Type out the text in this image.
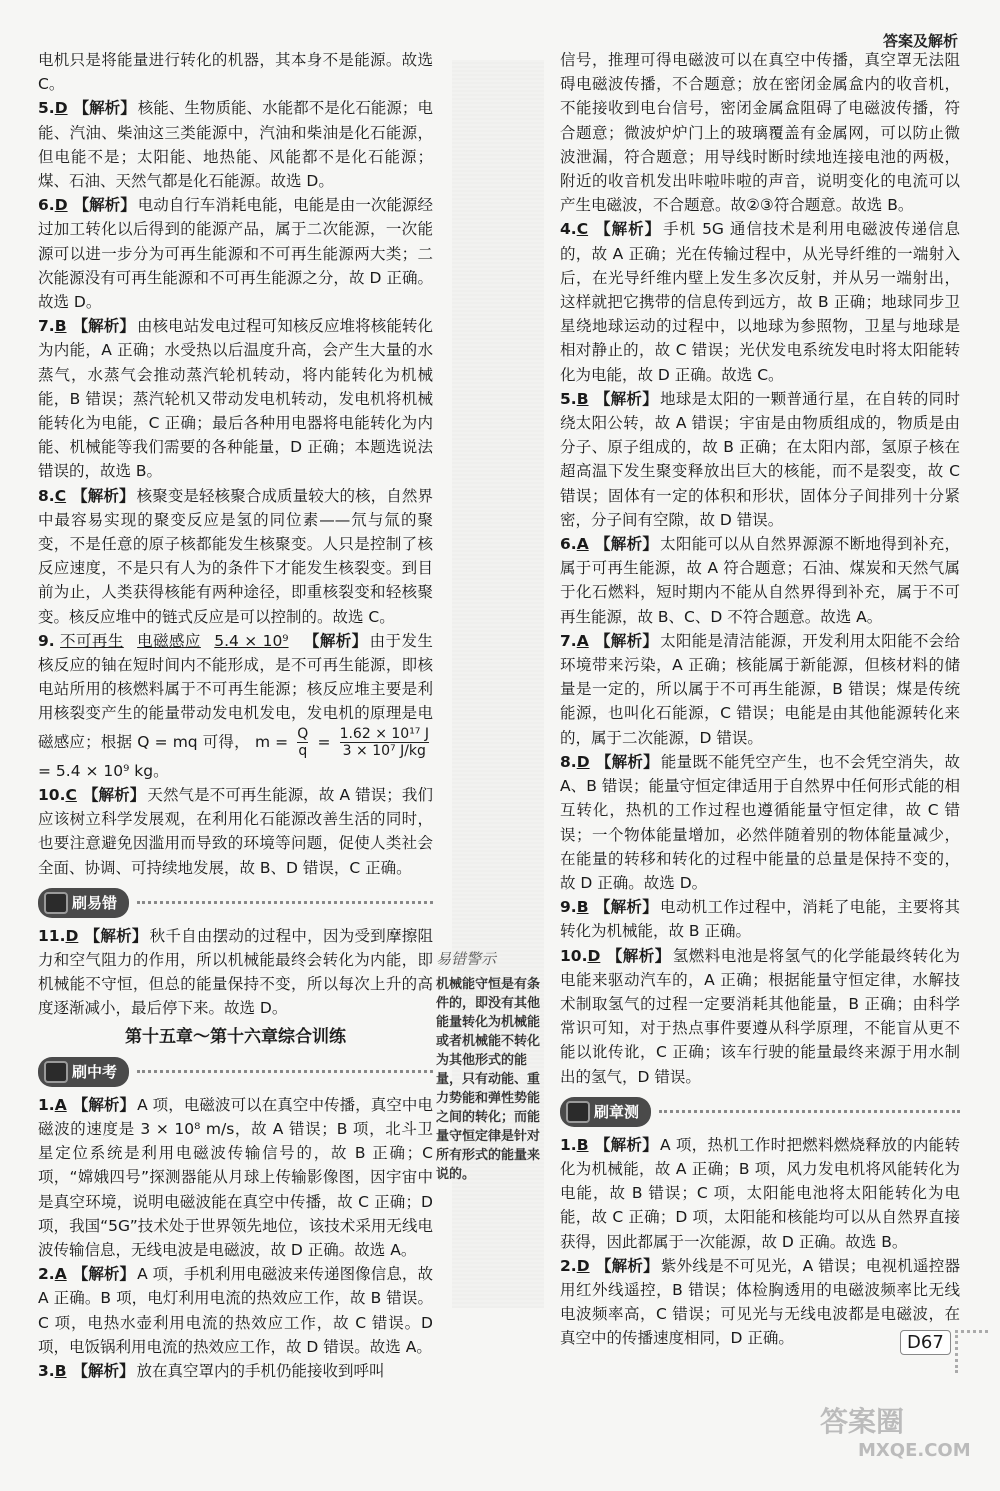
答案及解析
电机只是将能量进行转化的机器，其本身不是能源。故选 C。
5.D 【解析】 核能、生物质能、水能都不是化石能源；电能、汽油、柴油这三类能源中，汽油和柴油是化石能源，但电能不是；太阳能、地热能、风能都不是化石能源；煤、石油、天然气都是化石能源。故选 D。
6.D 【解析】 电动自行车消耗电能，电能是由一次能源经过加工转化以后得到的能源产品，属于二次能源，一次能源可以进一步分为可再生能源和不可再生能源两大类；二次能源没有可再生能源和不可再生能源之分，故 D 正确。故选 D。
7.B 【解析】 由核电站发电过程可知核反应堆将核能转化为内能，A 正确；水受热以后温度升高，会产生大量的水蒸气，水蒸气会推动蒸汽轮机转动，将内能转化为机械能，B 错误；蒸汽轮机又带动发电机转动，发电机将机械能转化为电能，C 正确；最后各种用电器将电能转化为内能、机械能等我们需要的各种能量，D 正确；本题选说法错误的，故选 B。
8.C 【解析】 核聚变是轻核聚合成质量较大的核，自然界中最容易实现的聚变反应是氢的同位素——氘与氚的聚变，不是任意的原子核都能发生核聚变。人只是控制了核反应速度，不是只有人为的条件下才能发生核裂变。到目前为止，人类获得核能有两种途径，即重核裂变和轻核聚变。核反应堆中的链式反应是可以控制的。故选 C。
9. 不可再生 电磁感应 5.4 × 10⁹ 【解析】 由于发生核反应的铀在短时间内不能形成，是不可再生能源，即核电站所用的核燃料属于不可再生能源；核反应堆主要是利用核裂变产生的能量带动发电机发电，发电机的原理是电磁感应；根据 Q = mq 可得， $m = \frac{Q}{q} = \frac{\text{1.62 × 10¹⁷ J}}{\text{3 × 10⁷ J/kg}}$
= 5.4 × 10⁹ kg。
10.C 【解析】 天然气是不可再生能源，故 A 错误；我们应该树立科学发展观，在利用化石能源改善生活的同时，也要注意避免因滥用而导致的环境等问题，促使人类社会全面、协调、可持续地发展，故 B、D 错误，C 正确。
刷易错
11.D 【解析】 秋千自由摆动的过程中，因为受到摩擦阻力和空气阻力的作用，所以机械能最终会转化为内能，即机械能不守恒，但总的能量保持不变，所以每次上升的高度逐渐减小，最后停下来。故选 D。
第十五章～第十六章综合训练
刷中考
1.A 【解析】 A 项，电磁波可以在真空中传播，真空中电磁波的速度是 3 × 10⁸ m/s，故 A 错误；B 项，北斗卫星定位系统是利用电磁波传输信号的，故 B 正确；C 项，“嫦娥四号”探测器能从月球上传输影像图，因宇宙中是真空环境，说明电磁波能在真空中传播，故 C 正确；D 项，我国“5G”技术处于世界领先地位，该技术采用无线电波传输信息，无线电波是电磁波，故 D 正确。故选 A。
2.A 【解析】 A 项，手机利用电磁波来传递图像信息，故 A 正确。B 项，电灯利用电流的热效应工作，故 B 错误。C 项，电热水壶利用电流的热效应工作，故 C 错误。D 项，电饭锅利用电流的热效应工作，故 D 错误。故选 A。
3.B 【解析】 放在真空罩内的手机仍能接收到呼叫
易错警示
机械能守恒是有条件的，即没有其他能量转化为机械能或者机械能不转化为其他形式的能量，只有动能、重力势能和弹性势能之间的转化；而能量守恒定律是针对所有形式的能量来说的。
信号，推理可得电磁波可以在真空中传播，真空罩无法阻碍电磁波传播，不合题意；放在密闭金属盒内的收音机，不能接收到电台信号，密闭金属盒阻碍了电磁波传播，符合题意；微波炉炉门上的玻璃覆盖有金属网，可以防止微波泄漏，符合题意；用导线时断时续地连接电池的两极，附近的收音机发出咔啦咔啦的声音，说明变化的电流可以产生电磁波，不合题意。故②③符合题意。故选 B。
4.C 【解析】 手机 5G 通信技术是利用电磁波传递信息的，故 A 正确；光在传输过程中，从光导纤维的一端射入后，在光导纤维内壁上发生多次反射，并从另一端射出，这样就把它携带的信息传到远方，故 B 正确；地球同步卫星绕地球运动的过程中，以地球为参照物，卫星与地球是相对静止的，故 C 错误；光伏发电系统发电时将太阳能转化为电能，故 D 正确。故选 C。
5.B 【解析】 地球是太阳的一颗普通行星，在自转的同时绕太阳公转，故 A 错误；宇宙是由物质组成的，物质是由分子、原子组成的，故 B 正确；在太阳内部，氢原子核在超高温下发生聚变释放出巨大的核能，而不是裂变，故 C 错误；固体有一定的体积和形状，固体分子间排列十分紧密，分子间有空隙，故 D 错误。
6.A 【解析】 太阳能可以从自然界源源不断地得到补充，属于可再生能源，故 A 符合题意；石油、煤炭和天然气属于化石燃料，短时期内不能从自然界得到补充，属于不可再生能源，故 B、C、D 不符合题意。故选 A。
7.A 【解析】 太阳能是清洁能源，开发利用太阳能不会给环境带来污染，A 正确；核能属于新能源，但核材料的储量是一定的，所以属于不可再生能源，B 错误；煤是传统能源，也叫化石能源，C 错误；电能是由其他能源转化来的，属于二次能源，D 错误。
8.D 【解析】 能量既不能凭空产生，也不会凭空消失，故 A、B 错误；能量守恒定律适用于自然界中任何形式能的相互转化，热机的工作过程也遵循能量守恒定律，故 C 错误；一个物体能量增加，必然伴随着别的物体能量减少，在能量的转移和转化的过程中能量的总量是保持不变的，故 D 正确。故选 D。
9.B 【解析】 电动机工作过程中，消耗了电能，主要将其转化为机械能，故 B 正确。
10.D 【解析】 氢燃料电池是将氢气的化学能最终转化为电能来驱动汽车的，A 正确；根据能量守恒定律，水解技术制取氢气的过程一定要消耗其他能量，B 正确；由科学常识可知，对于热点事件要遵从科学原理，不能盲从更不能以讹传讹，C 正确；该车行驶的能量最终来源于用水制出的氢气，D 错误。
刷章测
1.B 【解析】 A 项，热机工作时把燃料燃烧释放的内能转化为机械能，故 A 正确；B 项，风力发电机将风能转化为电能，故 B 错误；C 项，太阳能电池将太阳能转化为电能，故 C 正确；D 项，太阳能和核能均可以从自然界直接获得，因此都属于一次能源，故 D 正确。故选 B。
2.D 【解析】 紫外线是不可见光，A 错误；电视机遥控器用红外线遥控，B 错误；体检胸透用的电磁波频率比无线电波频率高，C 错误；可见光与无线电波都是电磁波，在真空中的传播速度相同，D 正确。	D67
答案圈
MXQE.COM
